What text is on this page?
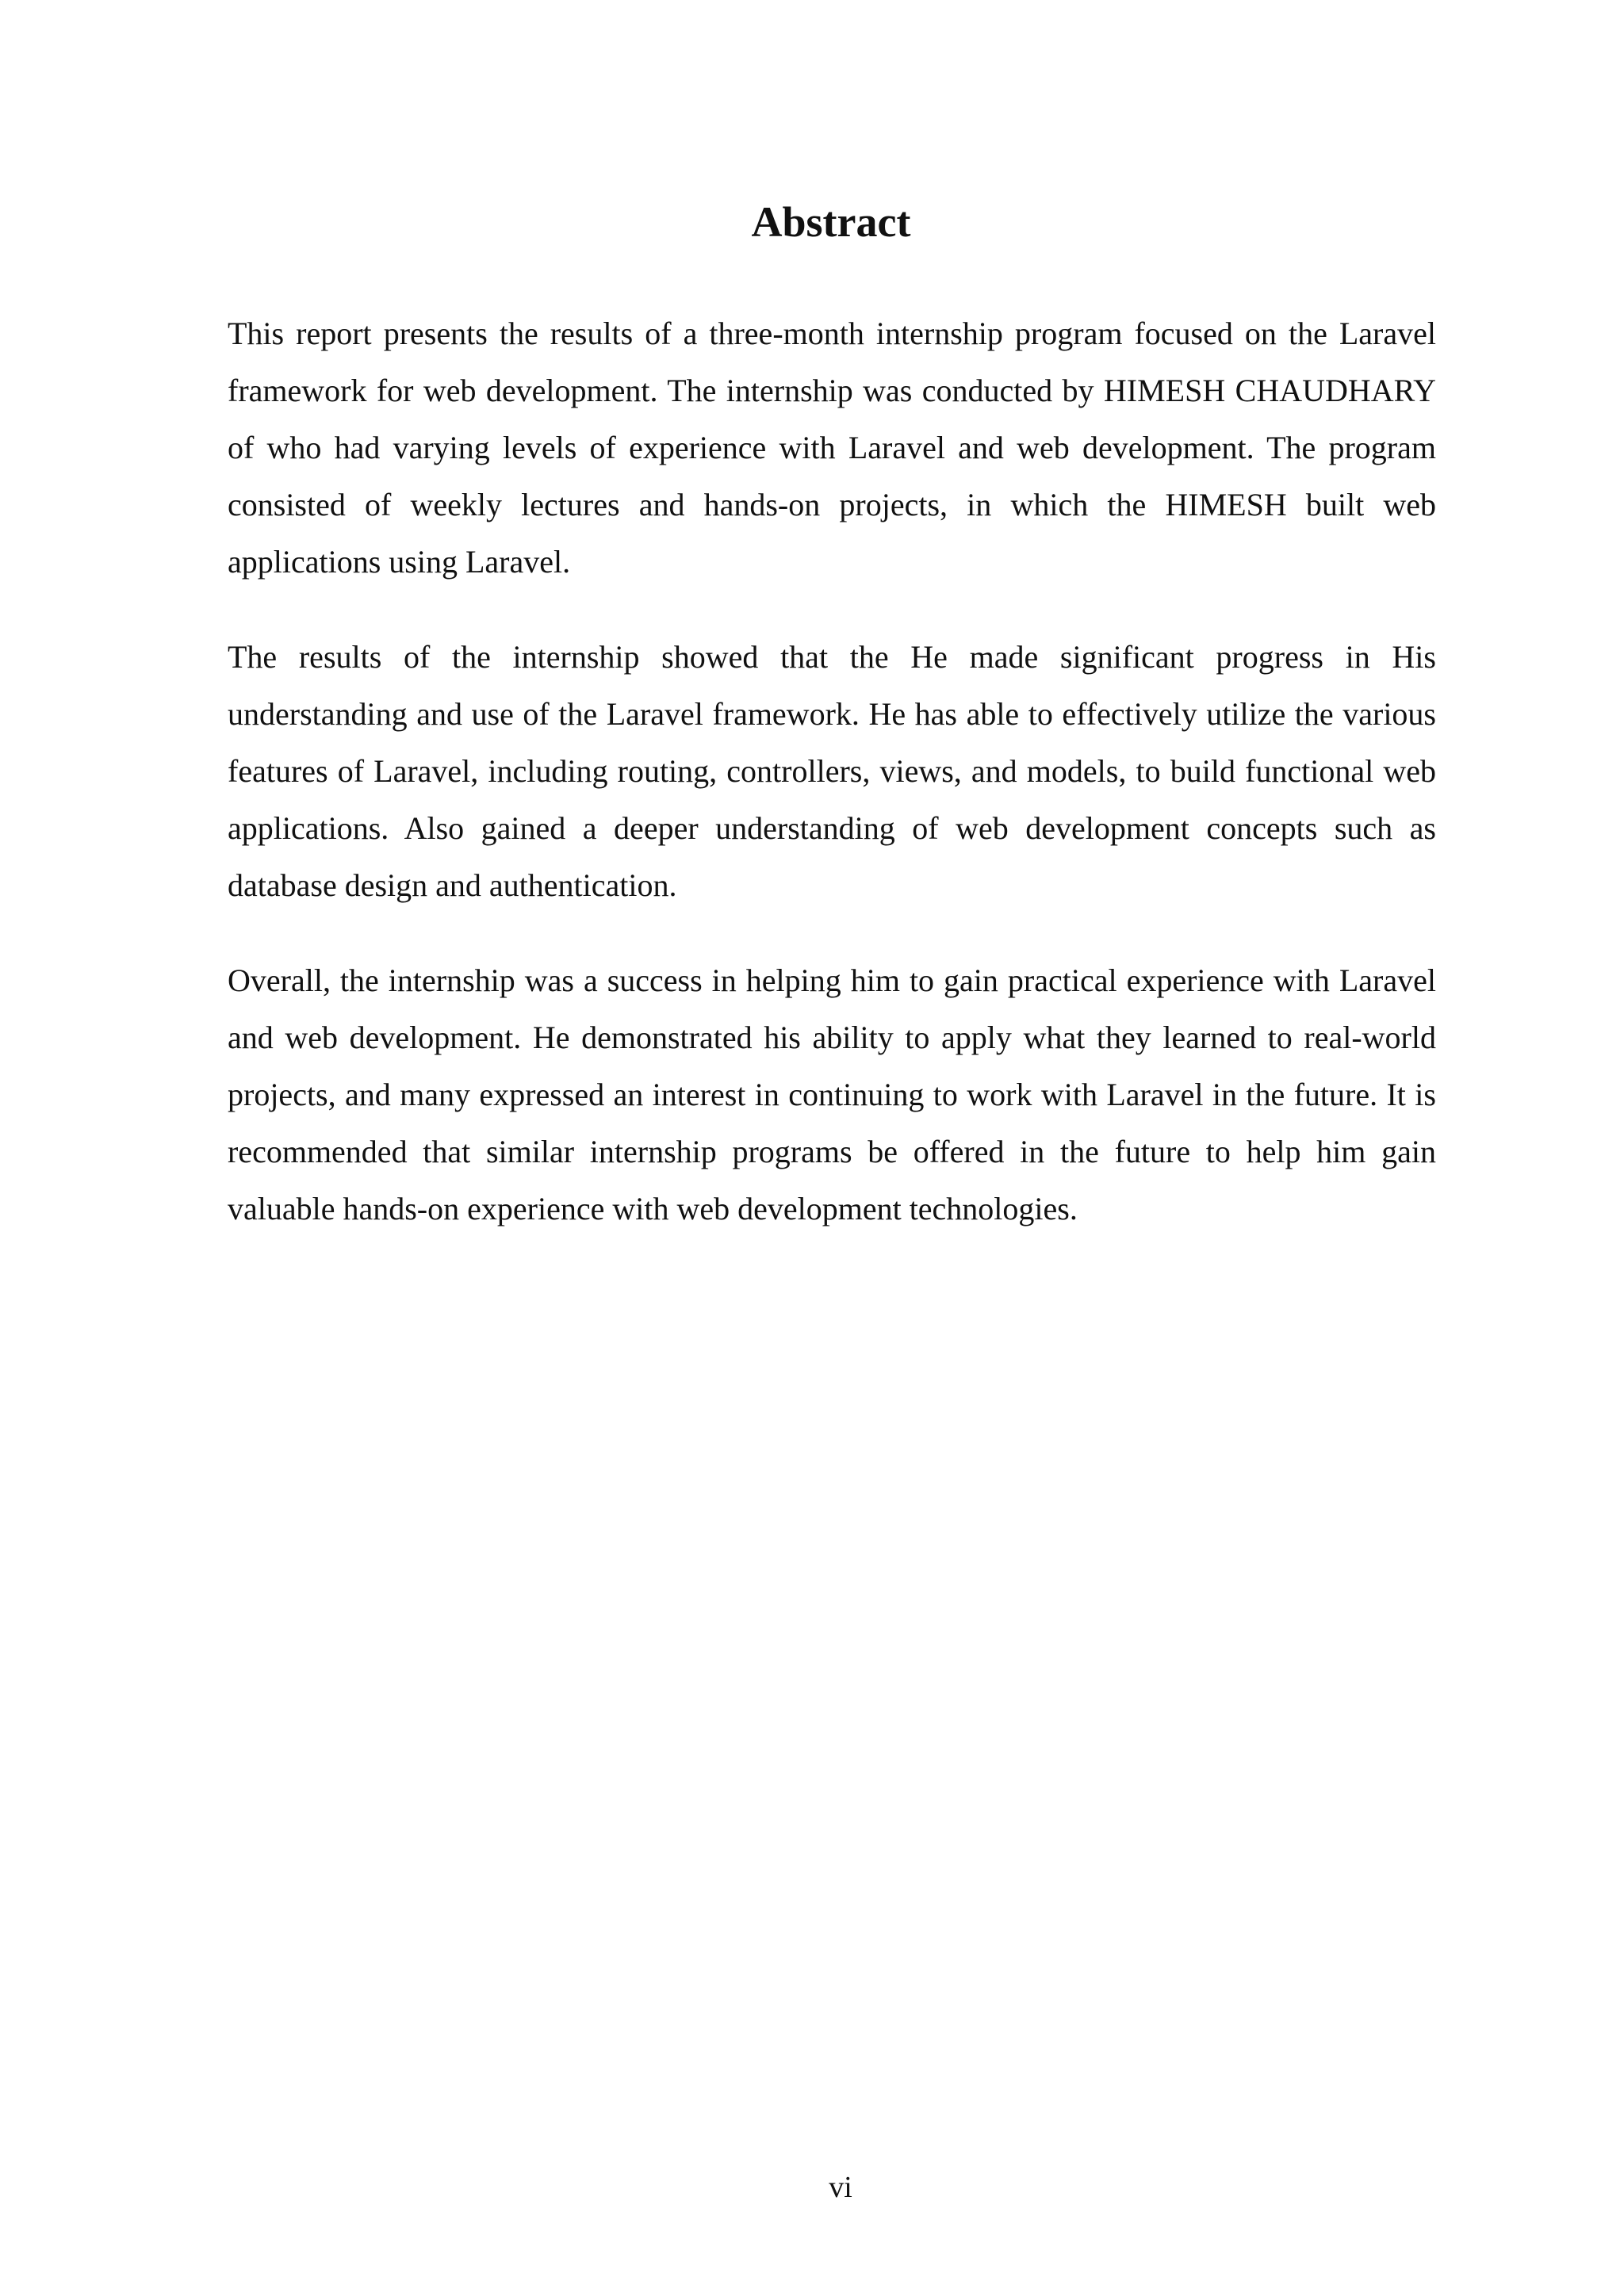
Abstract

This report presents the results of a three-month internship program focused on the Laravel framework for web development. The internship was conducted by HIMESH CHAUDHARY of who had varying levels of experience with Laravel and web development. The program consisted of weekly lectures and hands-on projects, in which the HIMESH built web applications using Laravel.

The results of the internship showed that the He made significant progress in His understanding and use of the Laravel framework. He has able to effectively utilize the various features of Laravel, including routing, controllers, views, and models, to build functional web applications. Also gained a deeper understanding of web development concepts such as database design and authentication.

Overall, the internship was a success in helping him to gain practical experience with Laravel and web development. He demonstrated his ability to apply what they learned to real-world projects, and many expressed an interest in continuing to work with Laravel in the future. It is recommended that similar internship programs be offered in the future to help him gain valuable hands-on experience with web development technologies.

vi
